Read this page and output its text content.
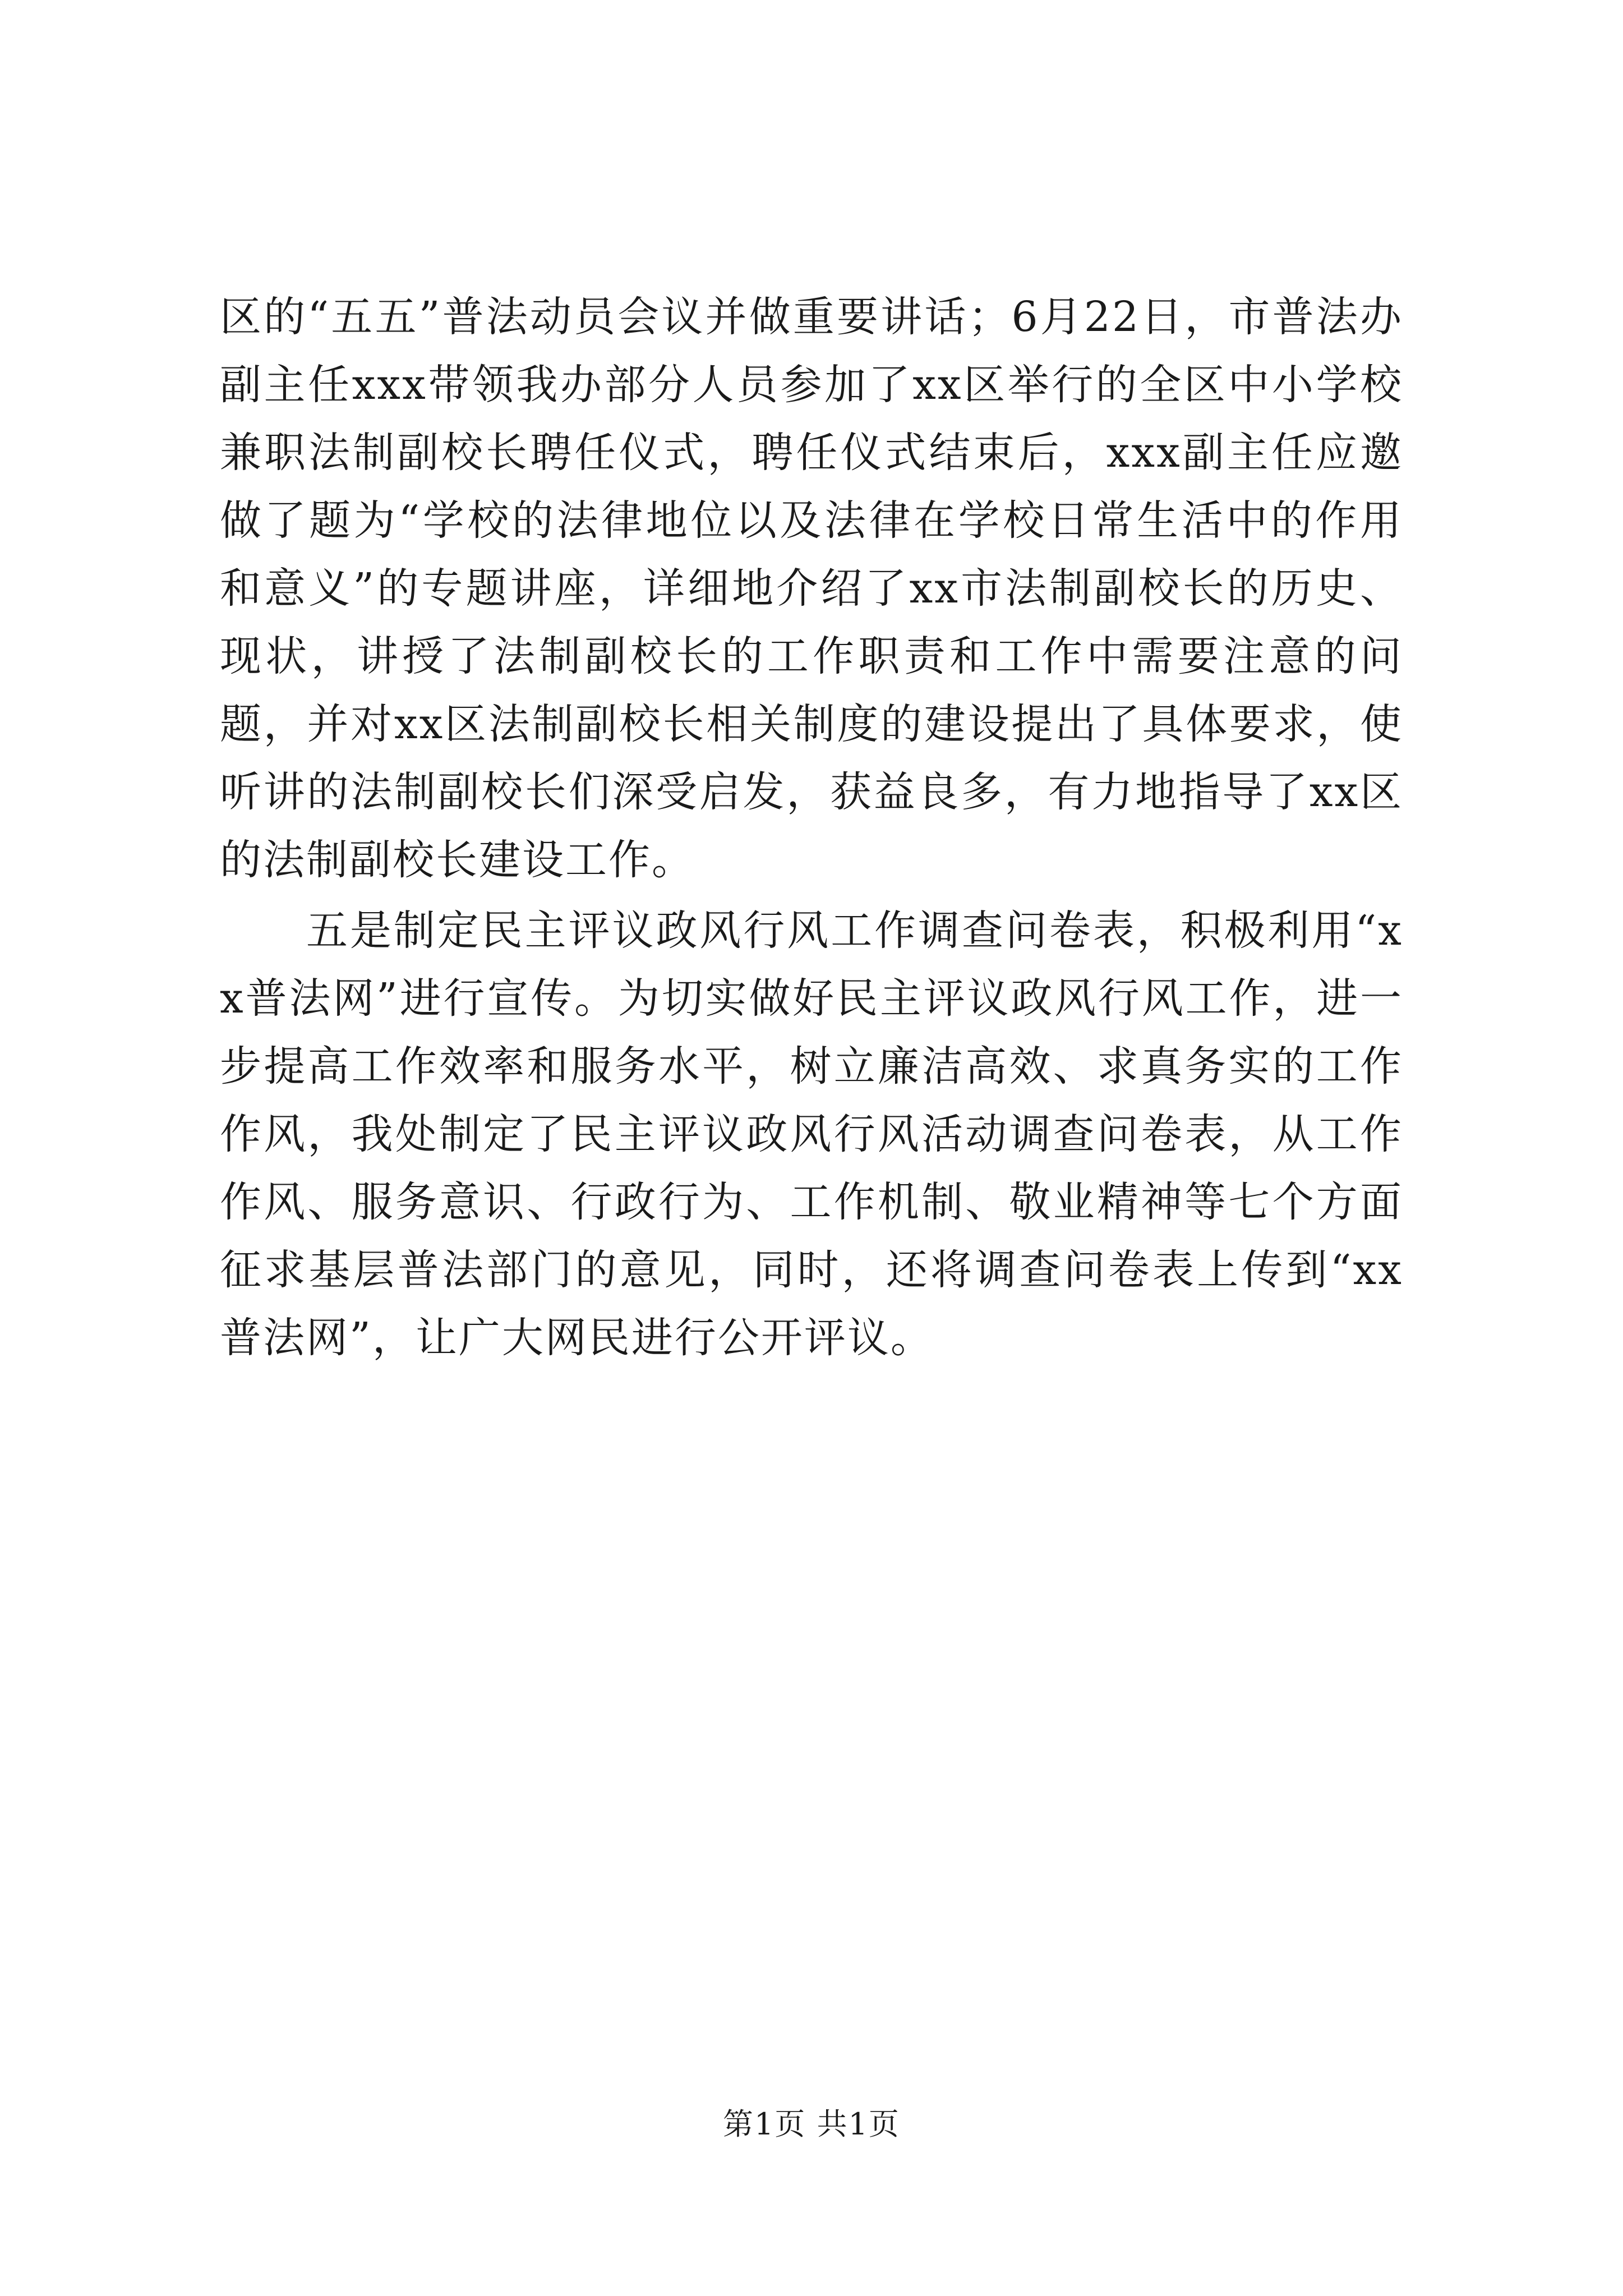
区的“五五”普法动员会议并做重要讲话；6月22日，市普法办副主任xxx带领我办部分人员参加了xx区举行的全区中小学校兼职法制副校长聘任仪式，聘任仪式结束后，xxx副主任应邀做了题为“学校的法律地位以及法律在学校日常生活中的作用和意义”的专题讲座，详细地介绍了xx市法制副校长的历史、现状，讲授了法制副校长的工作职责和工作中需要注意的问题，并对xx区法制副校长相关制度的建设提出了具体要求，使听讲的法制副校长们深受启发，获益良多，有力地指导了xx区的法制副校长建设工作。

五是制定民主评议政风行风工作调查问卷表，积极利用“xx普法网”进行宣传。为切实做好民主评议政风行风工作，进一步提高工作效率和服务水平，树立廉洁高效、求真务实的工作作风，我处制定了民主评议政风行风活动调查问卷表，从工作作风、服务意识、行政行为、工作机制、敬业精神等七个方面征求基层普法部门的意见，同时，还将调查问卷表上传到“xx普法网”，让广大网民进行公开评议。

第1页 共1页
